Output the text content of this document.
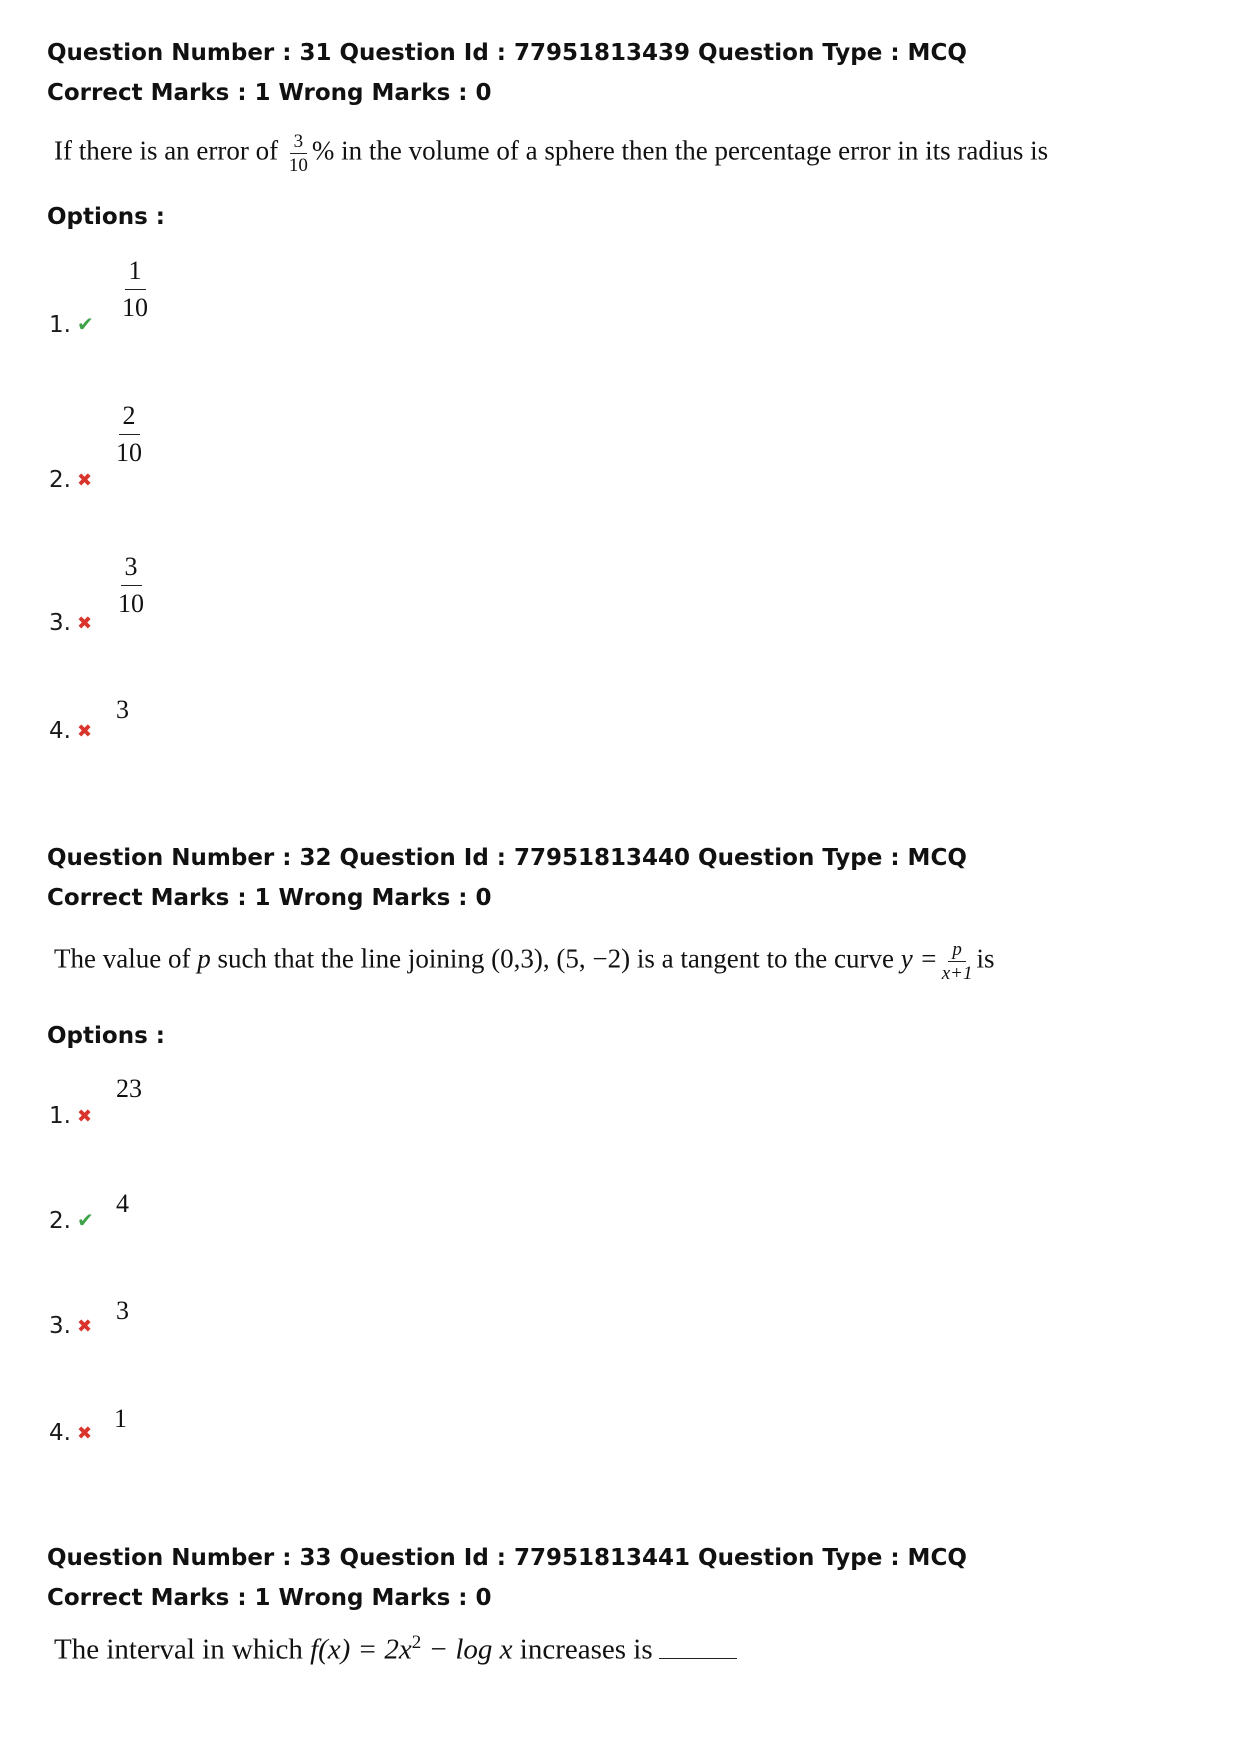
Question Number : 31 Question Id : 77951813439 Question Type : MCQ
Correct Marks : 1 Wrong Marks : 0
If there is an error of $\frac{3}{10}$ % in the volume of a sphere then the percentage error in its radius is
Options :
1. ✔
$\frac{1}{10}$
2. ✖
$\frac{2}{10}$
3. ✖
$\frac{3}{10}$
4. ✖
3
Question Number : 32 Question Id : 77951813440 Question Type : MCQ
Correct Marks : 1 Wrong Marks : 0
The value of p such that the line joining (0,3), (5, −2) is a tangent to the curve $y = \frac{p}{x+1}$ is
Options :
1. ✖
23
2. ✔
4
3. ✖
3
4. ✖
1
Question Number : 33 Question Id : 77951813441 Question Type : MCQ
Correct Marks : 1 Wrong Marks : 0
The interval in which $f(x) = 2x^2 - \log x$ increases is
